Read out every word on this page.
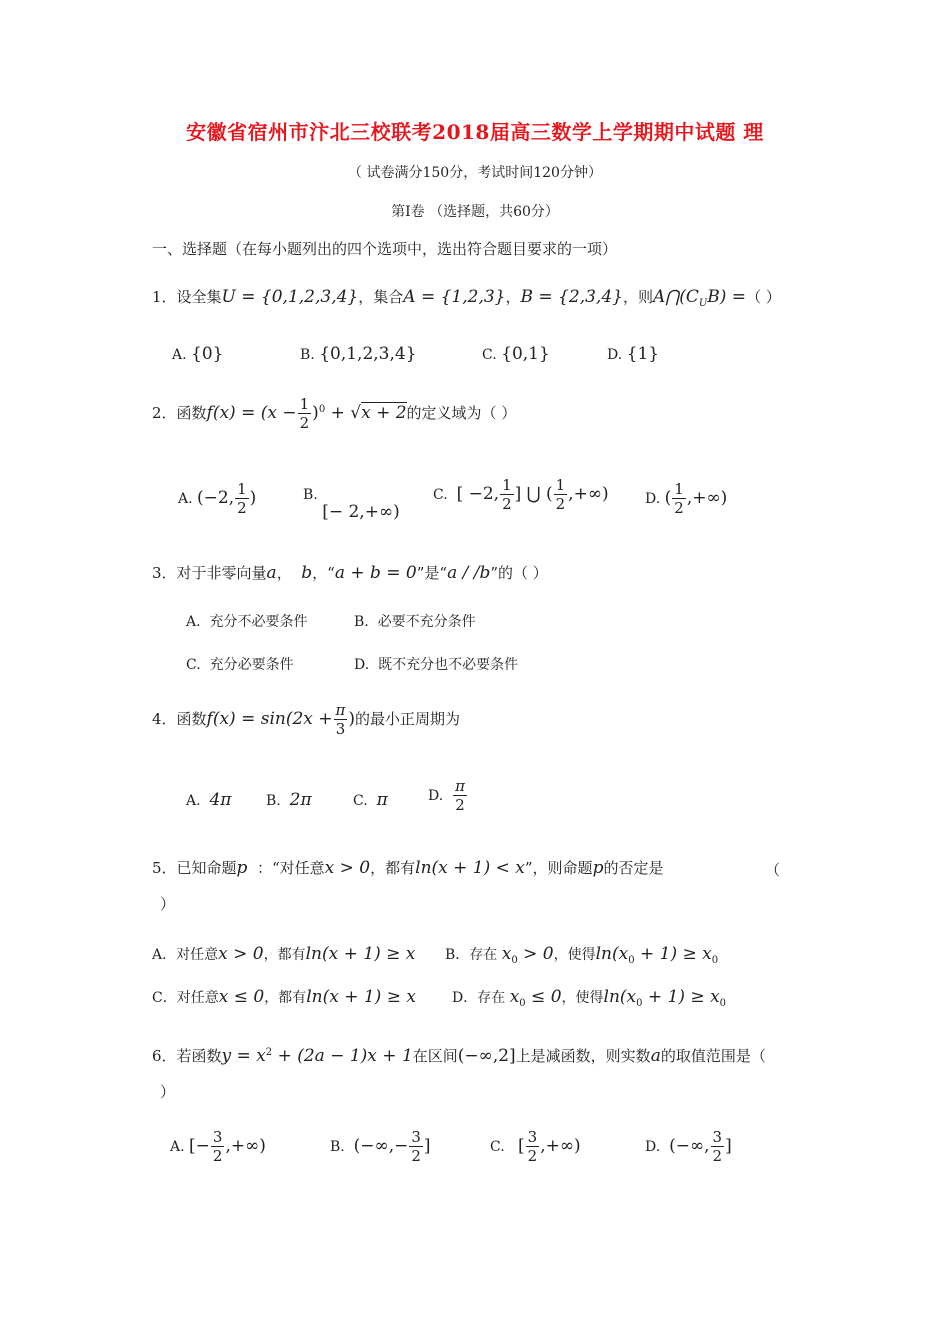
安徽省宿州市汴北三校联考2018届高三数学上学期期中试题 理
（ 试卷满分150分，考试时间120分钟）
第Ⅰ卷 （选择题，共60分）
一、选择题（在每小题列出的四个选项中，选出符合题目要求的一项）
1．设全集U = {0,1,2,3,4}，集合A = {1,2,3}，B = {2,3,4}，则$A⋂(C_UB)$ =（ ）
A. {0}	B. {0,1,2,3,4}	C. {0,1}	D. {1}
2．函数$f(x) = (x - \frac{1}{2} )^0 + √x + 2$的定义域为（ ）
A. (−2, $\frac{1}{2}$ )	B. [− 2,+∞)
C. [ −2, $\frac{1}{2}$ ] ⋃ ( $\frac{1}{2}$ ,+∞)	D. ( $\frac{1}{2}$ ,+∞)
3．对于非零向量a， b，“a + b = 0”是“a / /b”的（ ）
A. 充分不必要条件	B. 必要不充分条件
C. 充分必要条件	D. 既不充分也不必要条件
4．函数$f(x) = \sin(2x + \frac{\pi}{3}$ )的最小正周期为
A. 4π B. 2π	C. π	D. $\frac{\pi}{2}$
5．已知命题p ：“对任意x > 0，都有ln(x + 1) < x”，则命题p的否定是	（
）
A．对任意x > 0，都有ln(x + 1) ≥ x B．存在 $x_0 > 0$，使得$\ln(x_0 + 1) \ge x_0$
C．对任意x ≤ 0，都有ln(x + 1) ≥ x	D．存在 $x_0 \le 0$，使得$\ln(x_0 + 1) \ge x_0$
6．若函数$y = x^2 + (2a - 1)x + 1$在区间(−∞,2]上是减函数，则实数a的取值范围是（
）
A. [− $\frac{3}{2}$ ,+∞)	B. (−∞,− $\frac{3}{2}$ ]	C. [ $\frac{3}{2}$ ,+∞)	D. (−∞, $\frac{3}{2}$ ]
